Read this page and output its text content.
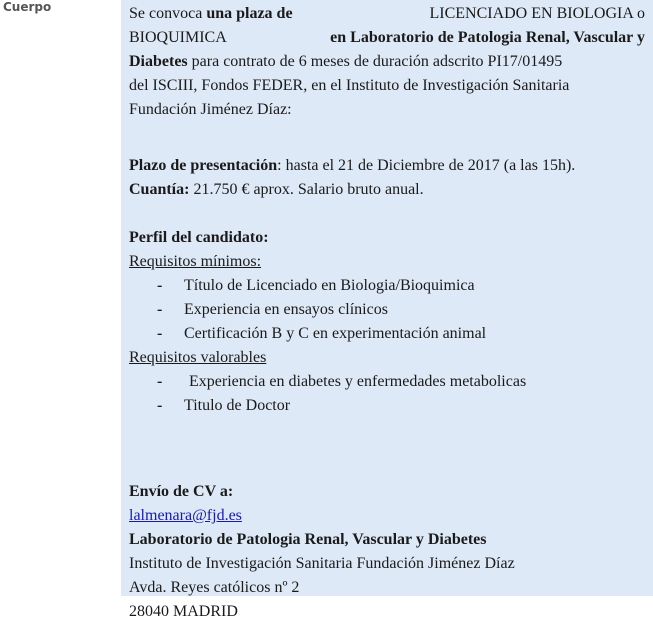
Cuerpo	Se convoca una plaza de	LICENCIADO EN BIOLOGIA o
BIOQUIMICA	en Laboratorio de Patologia Renal, Vascular y
Diabetes para contrato de 6 meses de duración adscrito PI17/01495
del ISCIII, Fondos FEDER, en el Instituto de Investigación Sanitaria
Fundación Jiménez Díaz:
Plazo de presentación: hasta el 21 de Diciembre de 2017 (a las 15h).
Cuantía: 21.750 € aprox. Salario bruto anual.
Perfil del candidato:
Requisitos mínimos:
- Título de Licenciado en Biologia/Bioquimica
- Experiencia en ensayos clínicos
- Certificación B y C en experimentación animal
Requisitos valorables
- Experiencia en diabetes y enfermedades metabolicas
- Titulo de Doctor
Envío de CV a:
lalmenara@fjd.es
Laboratorio de Patologia Renal, Vascular y Diabetes
Instituto de Investigación Sanitaria Fundación Jiménez Díaz
Avda. Reyes católicos nº 2
28040 MADRID
